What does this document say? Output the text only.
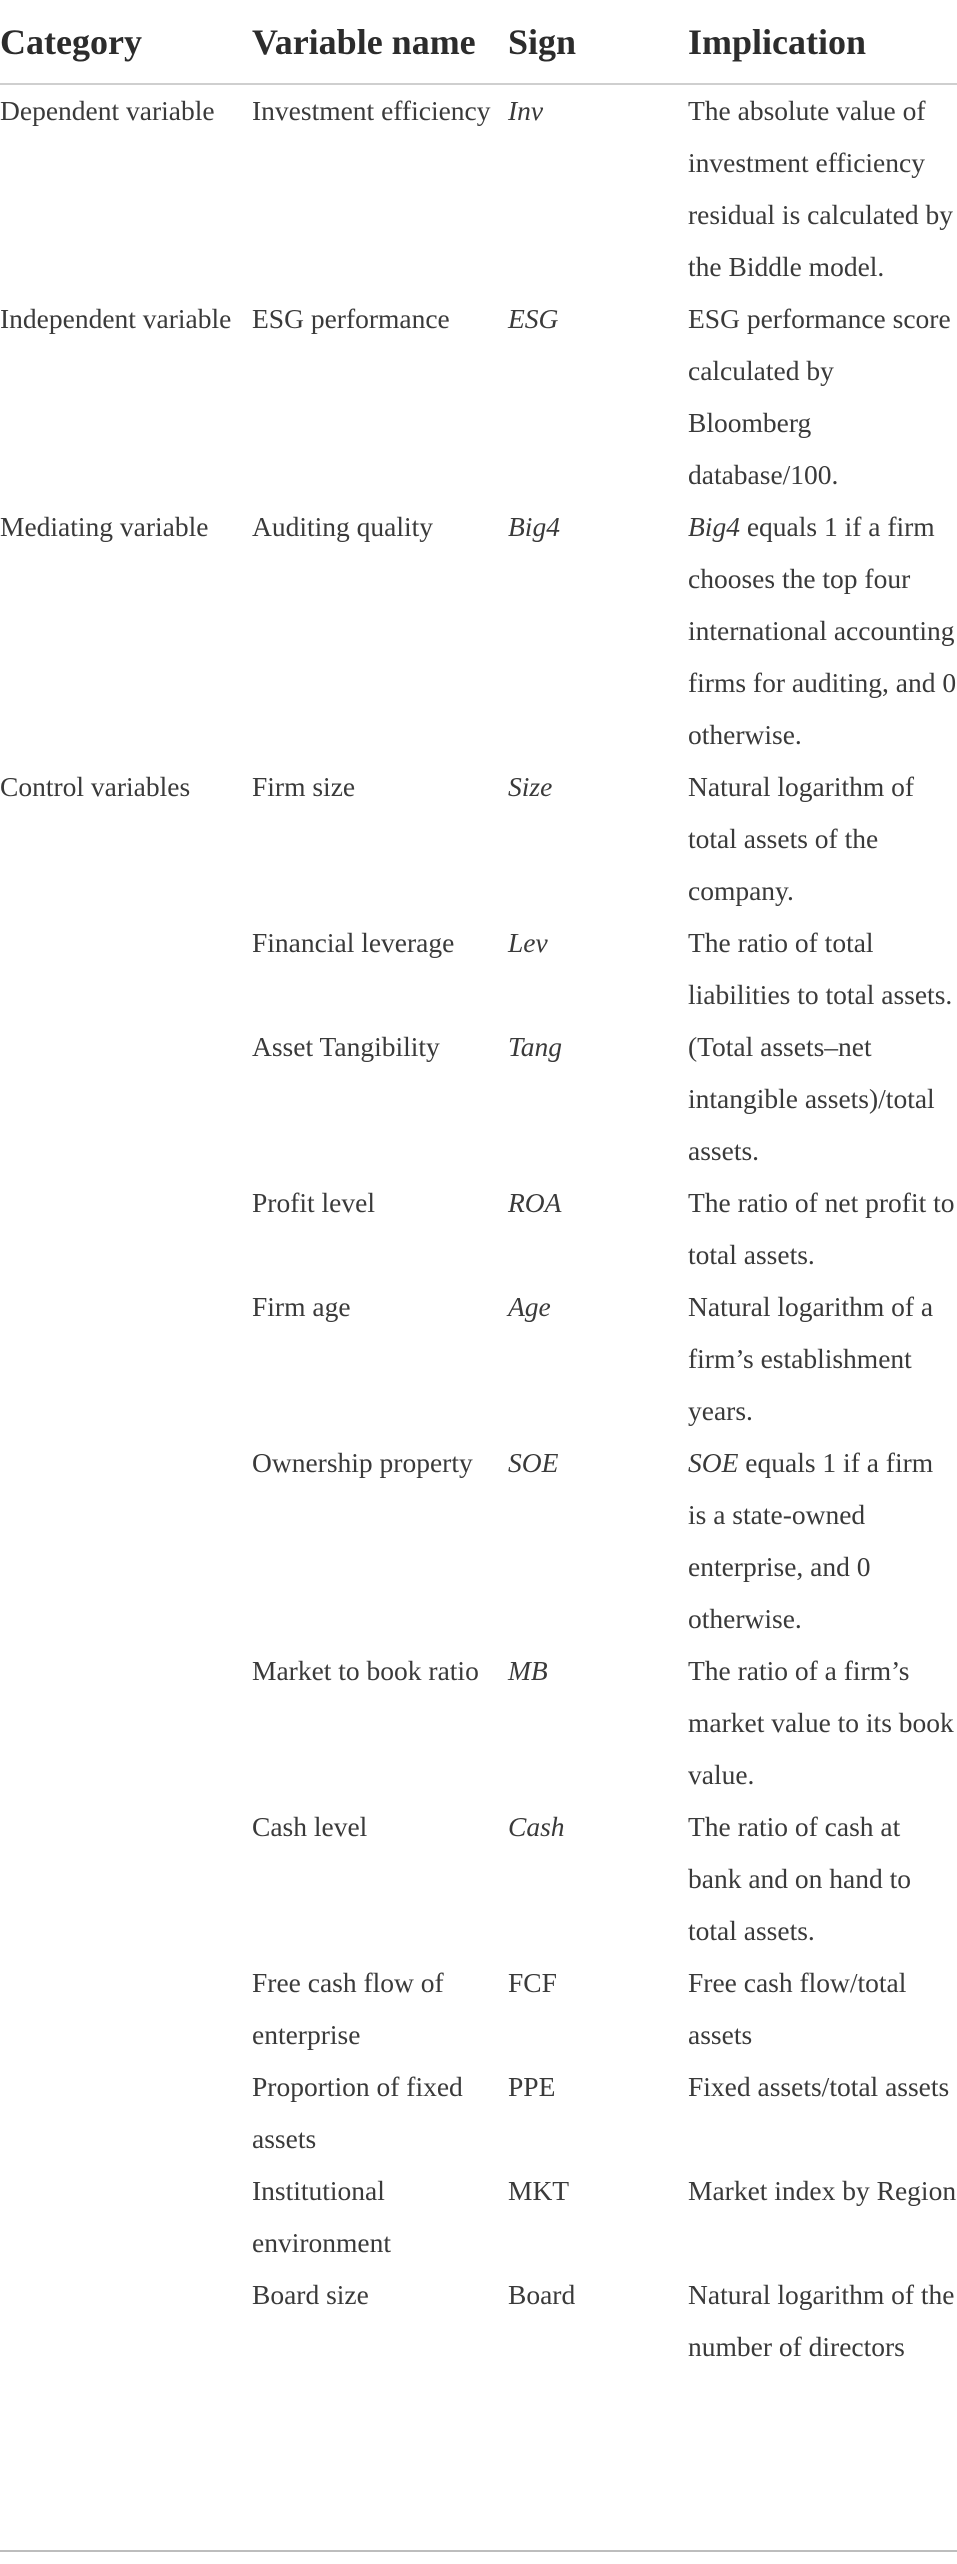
Category	Variable name	Sign	Implication
Dependent variable	Investment efficiency	Inv	The absolute value of investment efficiency residual is calculated by the Biddle model.
Independent variable	ESG performance	ESG	ESG performance score calculated by Bloomberg database/100.
Mediating variable	Auditing quality	Big4	Big4 equals 1 if a firm chooses the top four international accounting firms for auditing, and 0 otherwise.
Control variables	Firm size	Size	Natural logarithm of total assets of the company.
	Financial leverage	Lev	The ratio of total liabilities to total assets.
	Asset Tangibility	Tang	(Total assets–net intangible assets)/total assets.
	Profit level	ROA	The ratio of net profit to total assets.
	Firm age	Age	Natural logarithm of a firm’s establishment years.
	Ownership property	SOE	SOE equals 1 if a firm is a state-owned enterprise, and 0 otherwise.
	Market to book ratio	MB	The ratio of a firm’s market value to its book value.
	Cash level	Cash	The ratio of cash at bank and on hand to total assets.
	Free cash flow of enterprise	FCF	Free cash flow/total assets
	Proportion of fixed assets	PPE	Fixed assets/total assets
	Institutional environment	MKT	Market index by Region
	Board size	Board	Natural logarithm of the number of directors
